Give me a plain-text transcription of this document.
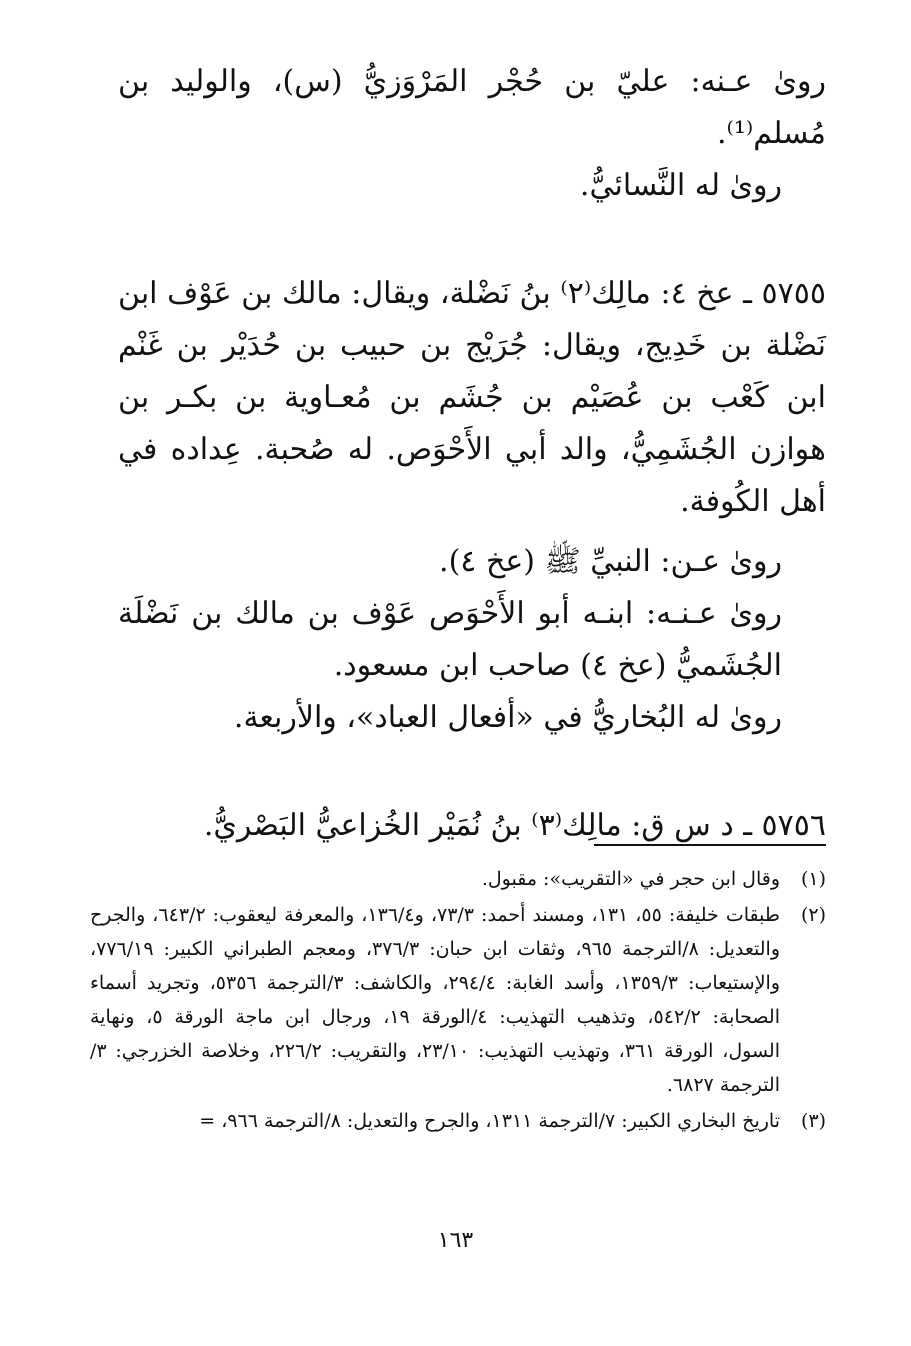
روىٰ عـنه: عليّ بن حُجْر المَرْوَزيُّ (س)، والوليد بن مُسلم⁽¹⁾.

روىٰ له النَّسائيُّ.

٥٧٥٥ ـ عخ ٤: مالِك⁽٢⁾ بنُ نَضْلة، ويقال: مالك بن عَوْف ابن نَضْلة بن خَدِيج، ويقال: جُرَيْج بن حبيب بن حُدَيْر بن غَنْم ابن كَعْب بن عُصَيْم بن جُشَم بن مُعـاوية بن بكـر بن هوازن الجُشَمِيُّ، والد أبي الأَحْوَص. له صُحبة. عِداده في أهل الكُوفة.

روىٰ عـن: النبيِّ ﷺ (عخ ٤).

روىٰ عـنـه: ابنـه أبو الأَحْوَص عَوْف بن مالك بن نَضْلَة الجُشَميُّ (عخ ٤) صاحب ابن مسعود.

روىٰ له البُخاريُّ في «أفعال العباد»، والأربعة.

٥٧٥٦ ـ د س ق: مالِك⁽٣⁾ بنُ نُمَيْر الخُزاعيُّ البَصْريُّ.

(١)
وقال ابن حجر في «التقريب»: مقبول.
(٢)
طبقات خليفة: ٥٥، ١٣١، ومسند أحمد: ٧٣/٣، و١٣٦/٤، والمعرفة ليعقوب: ٦٤٣/٢، والجرح والتعديل: ٨/الترجمة ٩٦٥، وثقات ابن حبان: ٣٧٦/٣، ومعجم الطبراني الكبير: ٧٧٦/١٩، والإستيعاب: ١٣٥٩/٣، وأسد الغابة: ٢٩٤/٤، والكاشف: ٣/الترجمة ٥٣٥٦، وتجريد أسماء الصحابة: ٥٤٢/٢، وتذهيب التهذيب: ٤/الورقة ١٩، ورجال ابن ماجة الورقة ٥، ونهاية السول، الورقة ٣٦١، وتهذيب التهذيب: ٢٣/١٠، والتقريب: ٢٢٦/٢، وخلاصة الخزرجي: ٣/الترجمة ٦٨٢٧.
(٣)
تاريخ البخاري الكبير: ٧/الترجمة ١٣١١، والجرح والتعديل: ٨/الترجمة ٩٦٦، =
١٦٣
